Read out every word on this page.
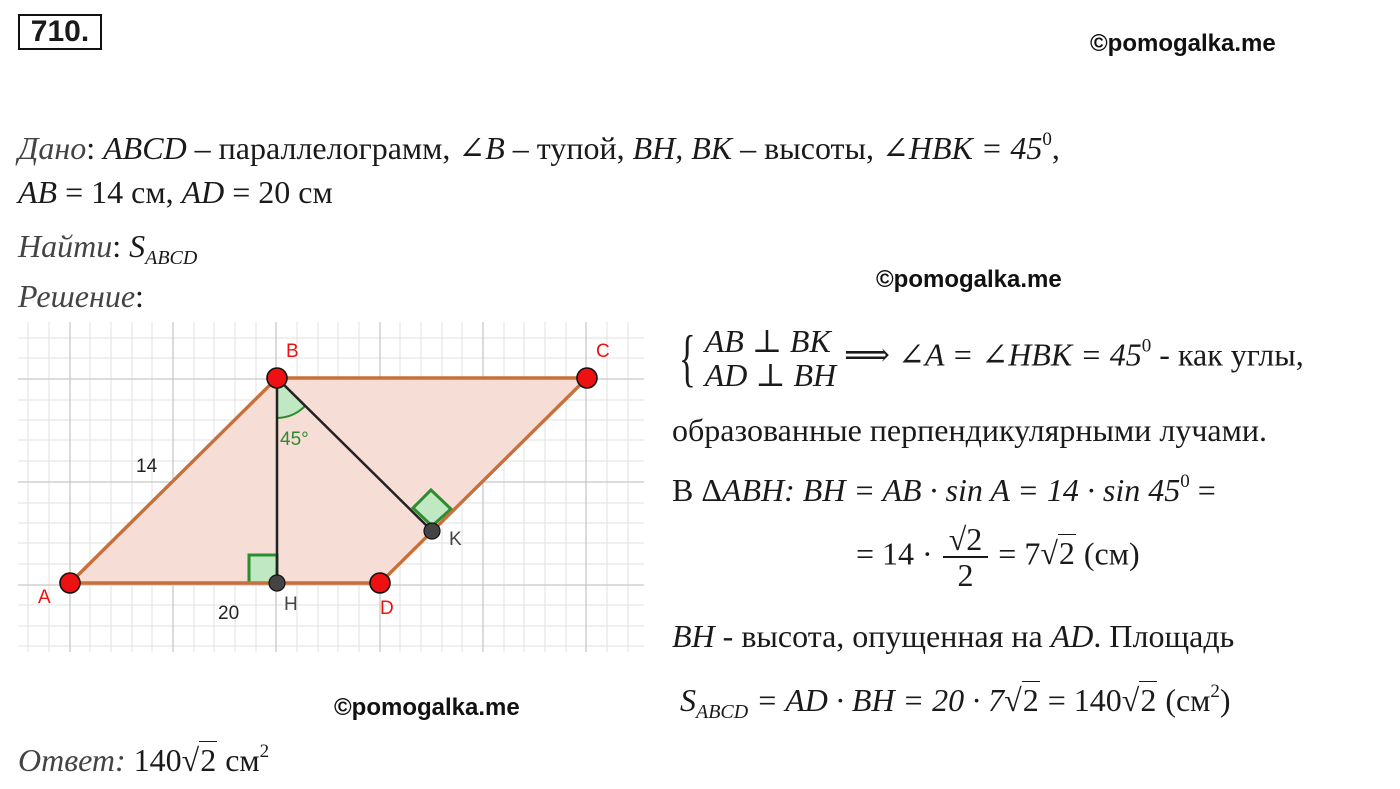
710.	©pomogalka.me
©pomogalka.me
©pomogalka.me
Дано: ABCD – параллелограмм, ∠B – тупой, BH, BK – высоты, ∠HBK = $45^0$,
AB = 14 см, AD = 20 см
Найти: $S_{ABCD}$
Решение:
A
B	C
D
H
K
14
20
45°
{ AB ⊥ BK
AD ⊥ BH
⟹ ∠A = ∠HBK = $45^0$ - как углы,
образованные перпендикулярными лучами.
В ΔABH: BH = AB · $\sin A = 14 \cdot \sin 45^0$ =
= $14 \cdot \frac{√2}{2} = 7√2$ (см)
BH - высота, опущенная на AD. Площадь
$S_{ABCD}$ = AD · BH = 20 · 7√2 = 140√2 $(см^2)$
Ответ: 140√2 $см^2$
